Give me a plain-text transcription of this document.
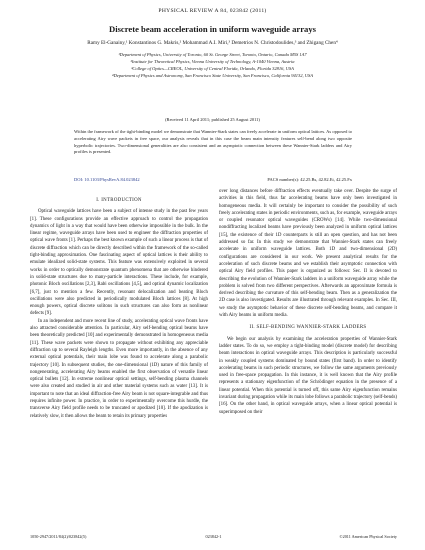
PHYSICAL REVIEW A 84, 023842 (2011)
Discrete beam acceleration in uniform waveguide arrays
Ramy El-Ganainy,¹ Konstantinos G. Makris,² Mohammad A.I. Miri,³ Demetrios N. Christodoulides,³ and Zhigang Chen⁴
¹Department of Physics, University of Toronto, 60 St. George Street, Toronto, Ontario, Canada M5S 1A7
²Institute for Theoretical Physics, Vienna University of Technology, A-1040 Vienna, Austria
³College of Optics—CREOL, University of Central Florida, Orlando, Florida 32816, USA
⁴Department of Physics and Astronomy, San Francisco State University, San Francisco, California 94132, USA
(Received 11 April 2011; published 25 August 2011)
Within the framework of the tight-binding model we demonstrate that Wannier-Stark states can freely accelerate in uniform optical lattices. As opposed to accelerating Airy wave packets in free space, our analysis reveals that in this case the beam main intensity features self-bend along two opposite hyperbolic trajectories. Two-dimensional generalities are also consistent and an asymptotic connection between these Wannier-Stark ladders and Airy profiles is presented.
DOI: 10.1103/PhysRevA.84.023842	PACS number(s): 42.25.Bs, 42.82.Et, 42.25.Fx
I. INTRODUCTION

Optical waveguide lattices have been a subject of intense study in the past few years [1]. These configurations provide an effective approach to control the propagation dynamics of light in a way that would have been otherwise impossible in the bulk. In the linear regime, waveguide arrays have been used to engineer the diffraction properties of optical wave fronts [1]. Perhaps the best known example of such a linear process is that of discrete diffraction which can be directly described within the framework of the so-called tight-binding approximation. One fascinating aspect of optical lattices is their ability to emulate idealized solid-state systems. This feature was extensively exploited in several works in order to optically demonstrate quantum phenomena that are otherwise hindered in solid-state structures due to many-particle interactions. These include, for example, photonic Bloch oscillations [2,3], Rabi oscillations [4,5], and optical dynamic localization [6,7], just to mention a few. Recently, resonant delocalization and beating Bloch oscillations were also predicted in periodically modulated Bloch lattices [8]. At high enough powers, optical discrete solitons in such structures can also form as nonlinear defects [9].

In an independent and more recent line of study, accelerating optical wave fronts have also attracted considerable attention. In particular, Airy self-bending optical beams have been theoretically predicted [10] and experimentally demonstrated in homogeneous media [11]. These wave packets were shown to propagate without exhibiting any appreciable diffraction up to several Rayleigh lengths. Even more importantly, in the absence of any external optical potentials, their main lobe was found to accelerate along a parabolic trajectory [10]. In subsequent studies, the one-dimensional (1D) nature of this family of nongenerating, accelerating Airy beams enabled the first observation of versatile linear optical bullets [12]. In extreme nonlinear optical settings, self-bending plasma channels were also created and studied in air and other material systems such as water [13]. It is important to note that an ideal diffraction-free Airy beam is not square-integrable and thus requires infinite power. In practice, in order to experimentally overcome this hurdle, the transverse Airy field profile needs to be truncated or apodized [10]. If the apodization is relatively slow, it then allows the beam to retain its primary properties

over long distances before diffraction effects eventually take over. Despite the surge of activities in this field, thus far accelerating beams have only been investigated in homogeneous media. It will certainly be important to consider the possibility of such freely accelerating states in periodic environments, such as, for example, waveguide arrays or coupled resonator optical waveguides (CROWs) [14]. While two-dimensional nondiffracting localized beams have previously been analyzed in uniform optical lattices [15], the existence of their 1D counterparts is still an open question, and has not been addressed so far. In this study we demonstrate that Wannier-Stark states can freely accelerate in uniform waveguide lattices. Both 1D and two-dimensional (2D) configurations are considered in our work. We present analytical results for the acceleration of such discrete beams and we establish their asymptotic connection with optical Airy field profiles. This paper is organized as follows: Sec. II is devoted to describing the evolution of Wannier-Stark ladders in a uniform waveguide array while the problem is solved from two different perspectives. Afterwards an approximate formula is derived describing the curvature of this self-bending beam. Then as a generalization the 2D case is also investigated. Results are illustrated through relevant examples. In Sec. III, we study the asymptotic behavior of these discrete self-bending beams, and compare it with Airy beams in uniform media.

II. SELF-BENDING WANNIER-STARK LADDERS

We begin our analysis by examining the acceleration properties of Wannier-Stark ladder states. To do so, we employ a tight-binding model (discrete model) for describing beam interactions in optical waveguide arrays. This description is particularly successful in weakly coupled systems dominated by bound states (first band). In order to identify accelerating beams in such periodic structures, we follow the same arguments previously used in free-space propagation. In this instance, it is well known that the Airy profile represents a stationary eigenfunction of the Schrödinger equation in the presence of a linear potential. When this potential is turned off, this same Airy eigenfunction remains invariant during propagation while its main lobe follows a parabolic trajectory (self-bends) [16]. On the other hand, in optical waveguide arrays, when a linear optical potential is superimposed on their

1050-2947/2011/84(2)/023842(5)	023842-1	©2011 American Physical Society
